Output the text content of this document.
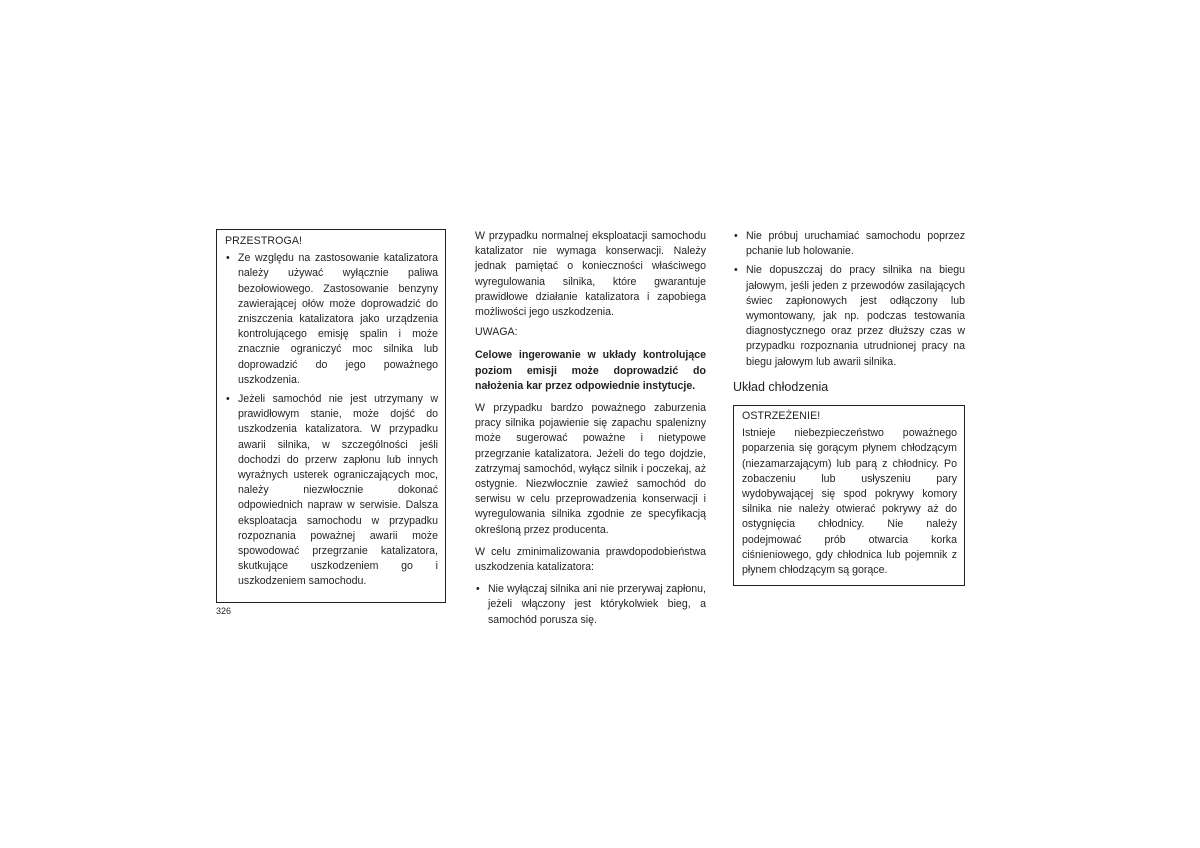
PRZESTROGA!
• Ze względu na zastosowanie katalizatora należy używać wyłącznie paliwa bezołowiowego. Zastosowanie benzyny zawierającej ołów może doprowadzić do zniszczenia katalizatora jako urządzenia kontrolującego emisję spalin i może znacznie ograniczyć moc silnika lub doprowadzić do jego poważnego uszkodzenia.
• Jeżeli samochód nie jest utrzymany w prawidłowym stanie, może dojść do uszkodzenia katalizatora. W przypadku awarii silnika, w szczególności jeśli dochodzi do przerw zapłonu lub innych wyraźnych usterek ograniczających moc, należy niezwłocznie dokonać odpowiednich napraw w serwisie. Dalsza eksploatacja samochodu w przypadku rozpoznania poważnej awarii może spowodować przegrzanie katalizatora, skutkujące uszkodzeniem go i uszkodzeniem samochodu.

W przypadku normalnej eksploatacji samochodu katalizator nie wymaga konserwacji. Należy jednak pamiętać o konieczności właściwego wyregulowania silnika, które gwarantuje prawidłowe działanie katalizatora i zapobiega możliwości jego uszkodzenia.

UWAGA:

Celowe ingerowanie w układy kontrolujące poziom emisji może doprowadzić do nałożenia kar przez odpowiednie instytucje.

W przypadku bardzo poważnego zaburzenia pracy silnika pojawienie się zapachu spalenizny może sugerować poważne i nietypowe przegrzanie katalizatora. Jeżeli do tego dojdzie, zatrzymaj samochód, wyłącz silnik i poczekaj, aż ostygnie. Niezwłocznie zawieź samochód do serwisu w celu przeprowadzenia konserwacji i wyregulowania silnika zgodnie ze specyfikacją określoną przez producenta.

W celu zminimalizowania prawdopodobieństwa uszkodzenia katalizatora:

• Nie wyłączaj silnika ani nie przerywaj zapłonu, jeżeli włączony jest którykolwiek bieg, a samochód porusza się.
• Nie próbuj uruchamiać samochodu poprzez pchanie lub holowanie.
• Nie dopuszczaj do pracy silnika na biegu jałowym, jeśli jeden z przewodów zasilających świec zapłonowych jest odłączony lub wymontowany, jak np. podczas testowania diagnostycznego oraz przez dłuższy czas w przypadku rozpoznania utrudnionej pracy na biegu jałowym lub awarii silnika.
Układ chłodzenia
OSTRZEŻENIE!
Istnieje niebezpieczeństwo poważnego poparzenia się gorącym płynem chłodzącym (niezamarzającym) lub parą z chłodnicy. Po zobaczeniu lub usłyszeniu pary wydobywającej się spod pokrywy komory silnika nie należy otwierać pokrywy aż do ostygnięcia chłodnicy. Nie należy podejmować prób otwarcia korka ciśnieniowego, gdy chłodnica lub pojemnik z płynem chłodzącym są gorące.
326
